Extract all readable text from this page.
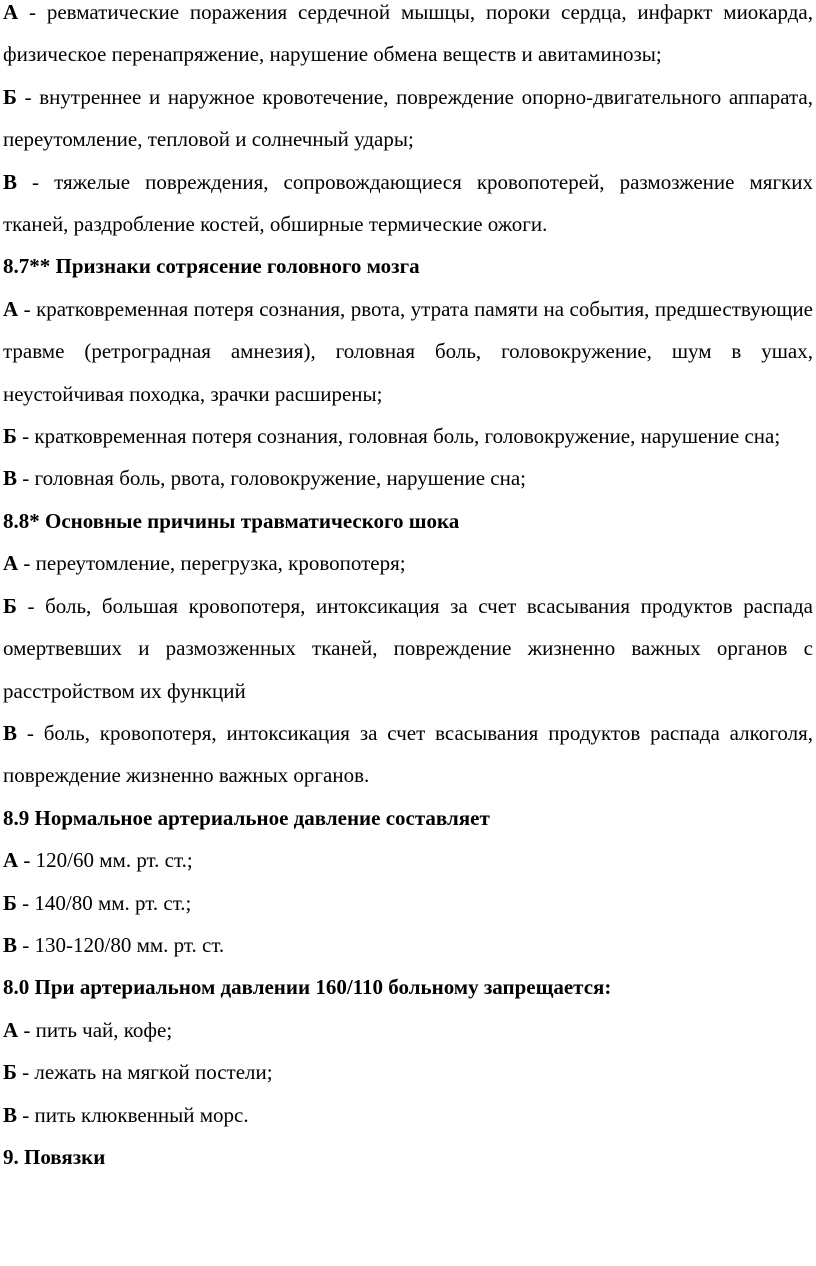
А - ревматические поражения сердечной мышцы, пороки сердца, инфаркт миокарда, физическое перенапряжение, нарушение обмена веществ и авитаминозы;

Б - внутреннее и наружное кровотечение, повреждение опорно-двигательного аппарата, переутомление, тепловой и солнечный удары;

В - тяжелые повреждения, сопровождающиеся кровопотерей, размозжение мягких тканей, раздробление костей, обширные термические ожоги.

8.7** Признаки сотрясение головного мозга

А - кратковременная потеря сознания, рвота, утрата памяти на события, предшествующие травме (ретроградная амнезия), головная боль, головокружение, шум в ушах, неустойчивая походка, зрачки расширены;

Б - кратковременная потеря сознания, головная боль, головокружение, нарушение сна;

В - головная боль, рвота, головокружение, нарушение сна;

8.8* Основные причины травматического шока

А - переутомление, перегрузка, кровопотеря;

Б - боль, большая кровопотеря, интоксикация за счет всасывания продуктов распада омертвевших и размозженных тканей, повреждение жизненно важных органов с расстройством их функций

В - боль, кровопотеря, интоксикация за счет всасывания продуктов распада алкоголя, повреждение жизненно важных органов.

8.9 Нормальное артериальное давление составляет

А - 120/60 мм. рт. ст.;

Б - 140/80 мм. рт. ст.;

В - 130-120/80 мм. рт. ст.

8.0 При артериальном давлении 160/110 больному запрещается:

А - пить чай, кофе;

Б - лежать на мягкой постели;

В - пить клюквенный морс.

9. Повязки
